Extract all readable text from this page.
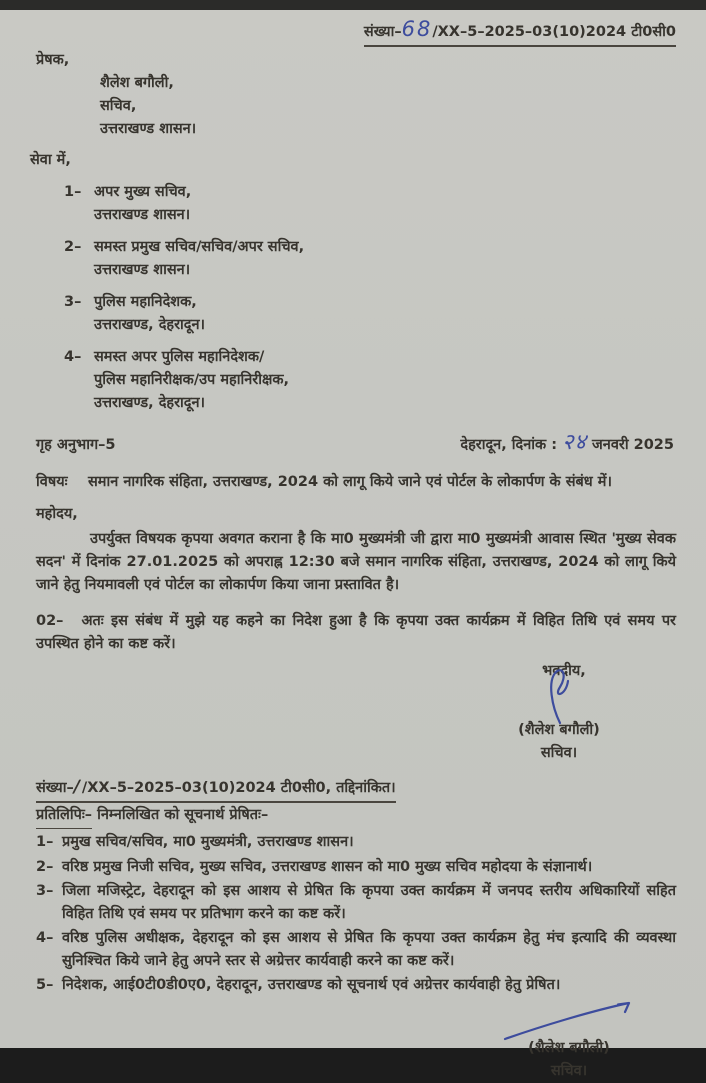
संख्या–68/XX–5–2025–03(10)2024 टी0सी0
प्रेषक,
शैलेश बगौली,
सचिव,
उत्तराखण्ड शासन।
सेवा में,
1– अपर मुख्य सचिव,
उत्तराखण्ड शासन।
2– समस्त प्रमुख सचिव/सचिव/अपर सचिव,
उत्तराखण्ड शासन।
3– पुलिस महानिदेशक,
उत्तराखण्ड, देहरादून।
4– समस्त अपर पुलिस महानिदेशक/
पुलिस महानिरीक्षक/उप महानिरीक्षक,
उत्तराखण्ड, देहरादून।
गृह अनुभाग–5	देहरादून, दिनांक : २४ जनवरी 2025
विषयः	समान नागरिक संहिता, उत्तराखण्ड, 2024 को लागू किये जाने एवं पोर्टल के लोकार्पण के संबंध में।
महोदय,
उपर्युक्त विषयक कृपया अवगत कराना है कि मा0 मुख्यमंत्री जी द्वारा मा0 मुख्यमंत्री आवास स्थित 'मुख्य सेवक सदन' में दिनांक 27.01.2025 को अपराह्न 12:30 बजे समान नागरिक संहिता, उत्तराखण्ड, 2024 को लागू किये जाने हेतु नियमावली एवं पोर्टल का लोकार्पण किया जाना प्रस्तावित है।
02– अतः इस संबंध में मुझे यह कहने का निदेश हुआ है कि कृपया उक्त कार्यक्रम में विहित तिथि एवं समय पर उपस्थित होने का कष्ट करें।
भवदीय,
(शैलेश बगौली)
सचिव।
संख्या–∕/XX–5–2025–03(10)2024 टी0सी0, तद्दिनांकित।
प्रतिलिपिः– निम्नलिखित को सूचनार्थ प्रेषितः–
1– प्रमुख सचिव/सचिव, मा0 मुख्यमंत्री, उत्तराखण्ड शासन।
2– वरिष्ठ प्रमुख निजी सचिव, मुख्य सचिव, उत्तराखण्ड शासन को मा0 मुख्य सचिव महोदया के संज्ञानार्थ।
3– जिला मजिस्ट्रेट, देहरादून को इस आशय से प्रेषित कि कृपया उक्त कार्यक्रम में जनपद स्तरीय अधिकारियों सहित विहित तिथि एवं समय पर प्रतिभाग करने का कष्ट करें।
4– वरिष्ठ पुलिस अधीक्षक, देहरादून को इस आशय से प्रेषित कि कृपया उक्त कार्यक्रम हेतु मंच इत्यादि की व्यवस्था सुनिश्चित किये जाने हेतु अपने स्तर से अग्रेत्तर कार्यवाही करने का कष्ट करें।
5– निदेशक, आई0टी0डी0ए0, देहरादून, उत्तराखण्ड को सूचनार्थ एवं अग्रेत्तर कार्यवाही हेतु प्रेषित।
(शैलेश बगौली)
सचिव।
